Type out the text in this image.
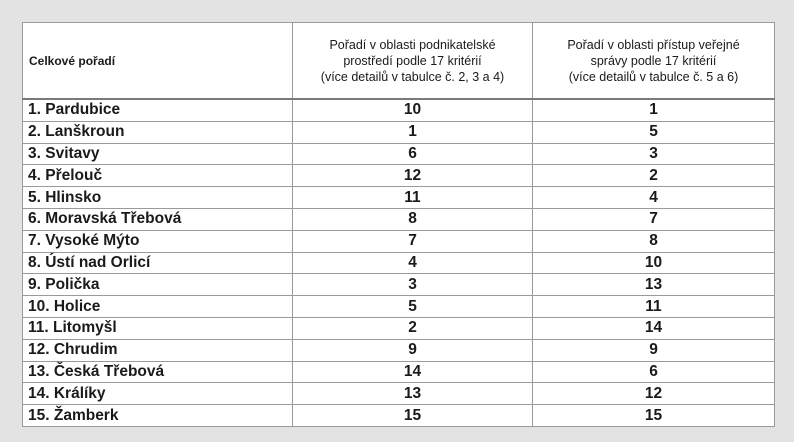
Celkové pořadí	Pořadí v oblasti podnikatelské
prostředí podle 17 kritérií
(více detailů v tabulce č. 2, 3 a 4)	Pořadí v oblasti přístup veřejné
správy podle 17 kritérií
(více detailů v tabulce č. 5 a 6)

1. Pardubice	10	1
2. Lanškroun	1	5
3. Svitavy	6	3
4. Přelouč	12	2
5. Hlinsko	11	4
6. Moravská Třebová	8	7
7. Vysoké Mýto	7	8
8. Ústí nad Orlicí	4	10
9. Polička	3	13
10. Holice	5	11
11. Litomyšl	2	14
12. Chrudim	9	9
13. Česká Třebová	14	6
14. Králíky	13	12
15. Žamberk	15	15
